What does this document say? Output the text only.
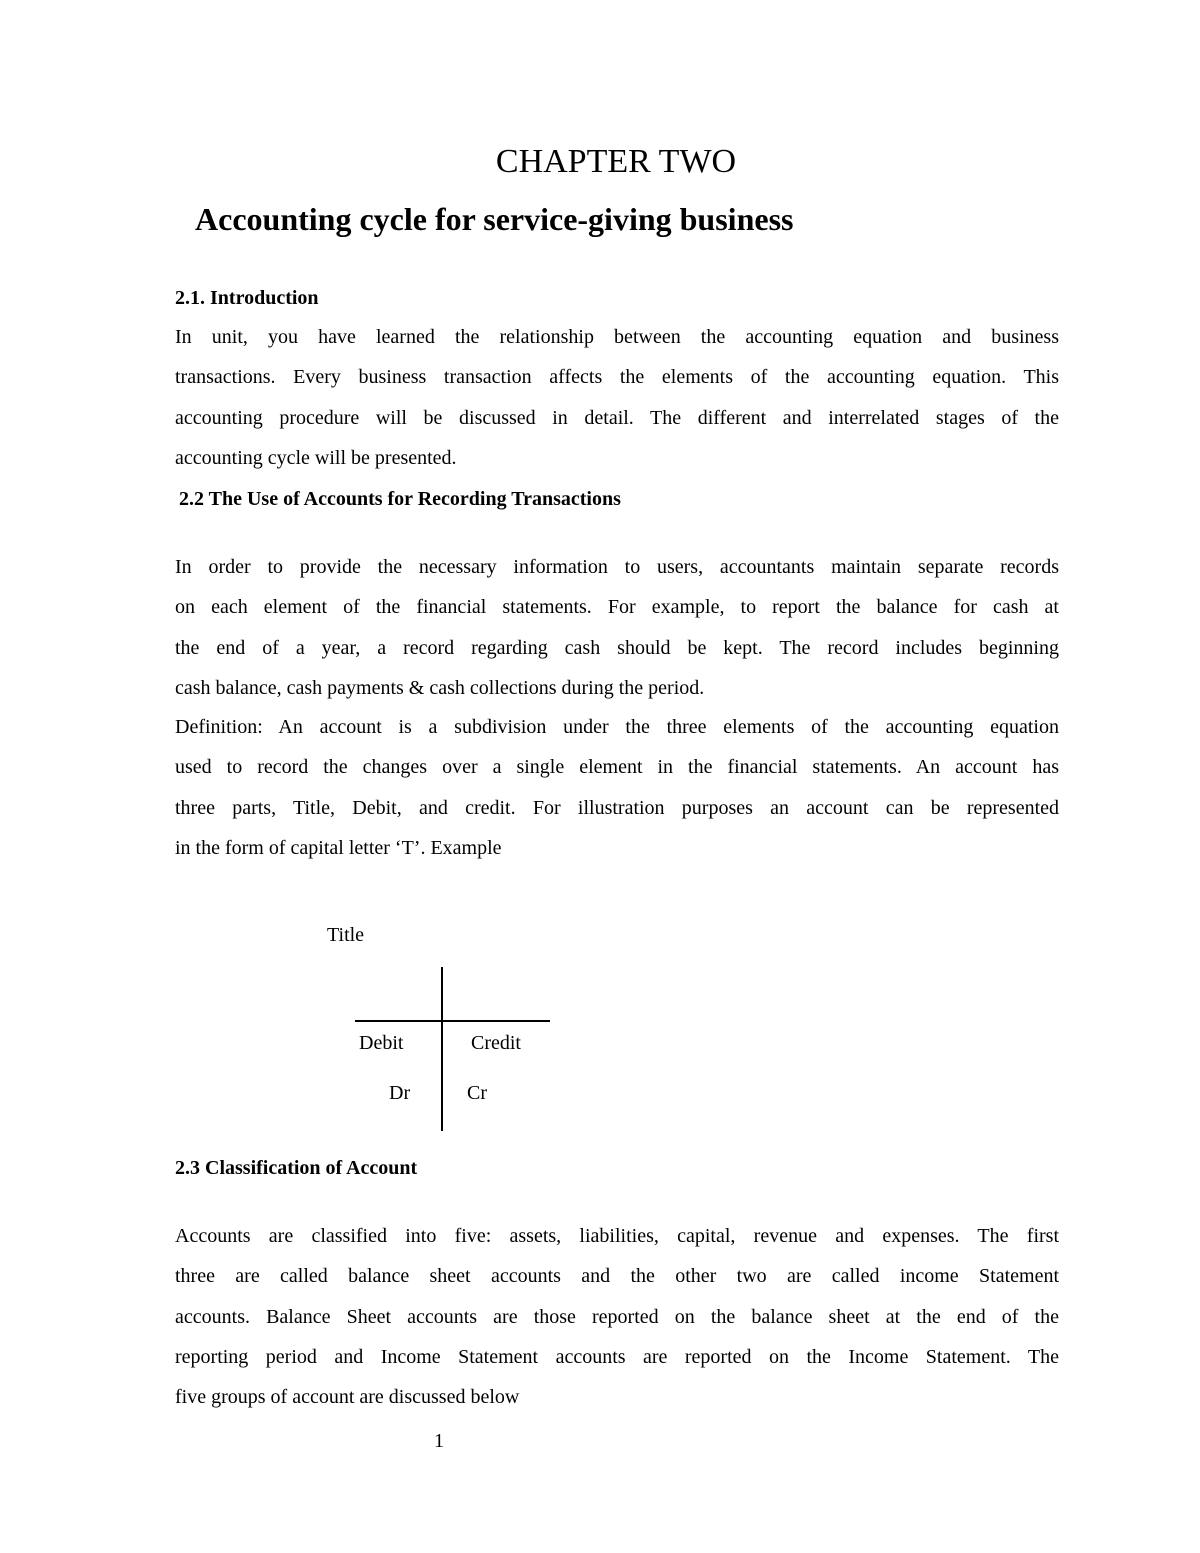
CHAPTER TWO
Accounting cycle for service-giving business
2.1. Introduction
In unit, you have learned the relationship between the accounting equation and business
transactions. Every business transaction affects the elements of the accounting equation. This
accounting procedure will be discussed in detail. The different and interrelated stages of the
accounting cycle will be presented.
2.2 The Use of Accounts for Recording Transactions
In order to provide the necessary information to users, accountants maintain separate records
on each element of the financial statements. For example, to report the balance for cash at
the end of a year, a record regarding cash should be kept. The record includes beginning
cash balance, cash payments & cash collections during the period.
Definition: An account is a subdivision under the three elements of the accounting equation
used to record the changes over a single element in the financial statements. An account has
three parts, Title, Debit, and credit. For illustration purposes an account can be represented
in the form of capital letter ‘T’. Example
Title
Debit	Credit
Dr	Cr
2.3 Classification of Account
Accounts are classified into five: assets, liabilities, capital, revenue and expenses. The first
three are called balance sheet accounts and the other two are called income Statement
accounts. Balance Sheet accounts are those reported on the balance sheet at the end of the
reporting period and Income Statement accounts are reported on the Income Statement. The
five groups of account are discussed below
1
